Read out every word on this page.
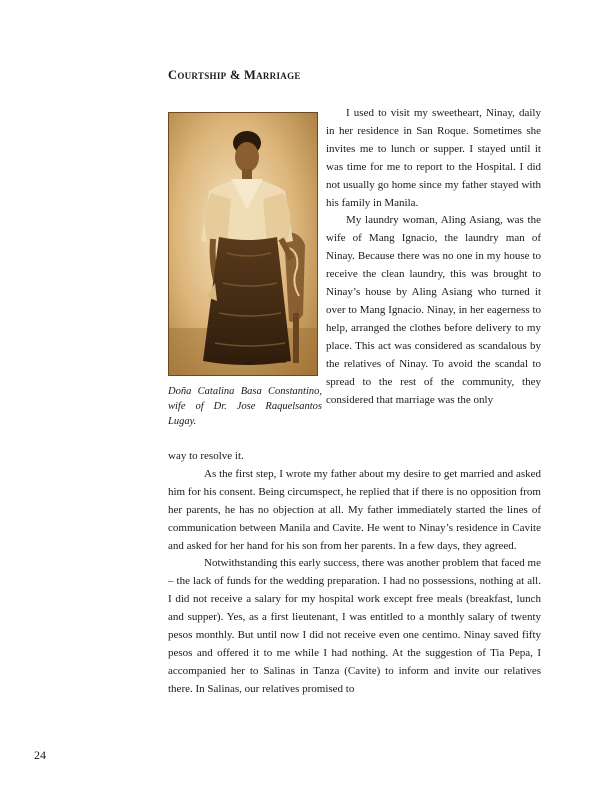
Courtship & Marriage

Doña Catalina Basa Constantino, wife of Dr. Jose Raquelsantos Lugay.

I used to visit my sweetheart, Ninay, daily in her residence in San Roque. Sometimes she invites me to lunch or supper. I stayed until it was time for me to report to the Hospital. I did not usually go home since my father stayed with his family in Manila.

My laundry woman, Aling Asiang, was the wife of Mang Ignacio, the laundry man of Ninay. Because there was no one in my house to receive the clean laundry, this was brought to Ninay’s house by Aling Asiang who turned it over to Mang Ignacio. Ninay, in her eagerness to help, arranged the clothes before delivery to my place. This act was considered as scandalous by the relatives of Ninay. To avoid the scandal to spread to the rest of the community, they considered that marriage was the only

way to resolve it.

As the first step, I wrote my father about my desire to get married and asked him for his consent. Being circumspect, he replied that if there is no opposition from her parents, he has no objection at all. My father immediately started the lines of communication between Manila and Cavite. He went to Ninay’s residence in Cavite and asked for her hand for his son from her parents. In a few days, they agreed.

Notwithstanding this early success, there was another problem that faced me – the lack of funds for the wedding preparation. I had no possessions, nothing at all. I did not receive a salary for my hospital work except free meals (breakfast, lunch and supper). Yes, as a first lieutenant, I was entitled to a monthly salary of twenty pesos monthly. But until now I did not receive even one centimo. Ninay saved fifty pesos and offered it to me while I had nothing. At the suggestion of Tia Pepa, I accompanied her to Salinas in Tanza (Cavite) to inform and invite our relatives there. In Salinas, our relatives promised to

24
